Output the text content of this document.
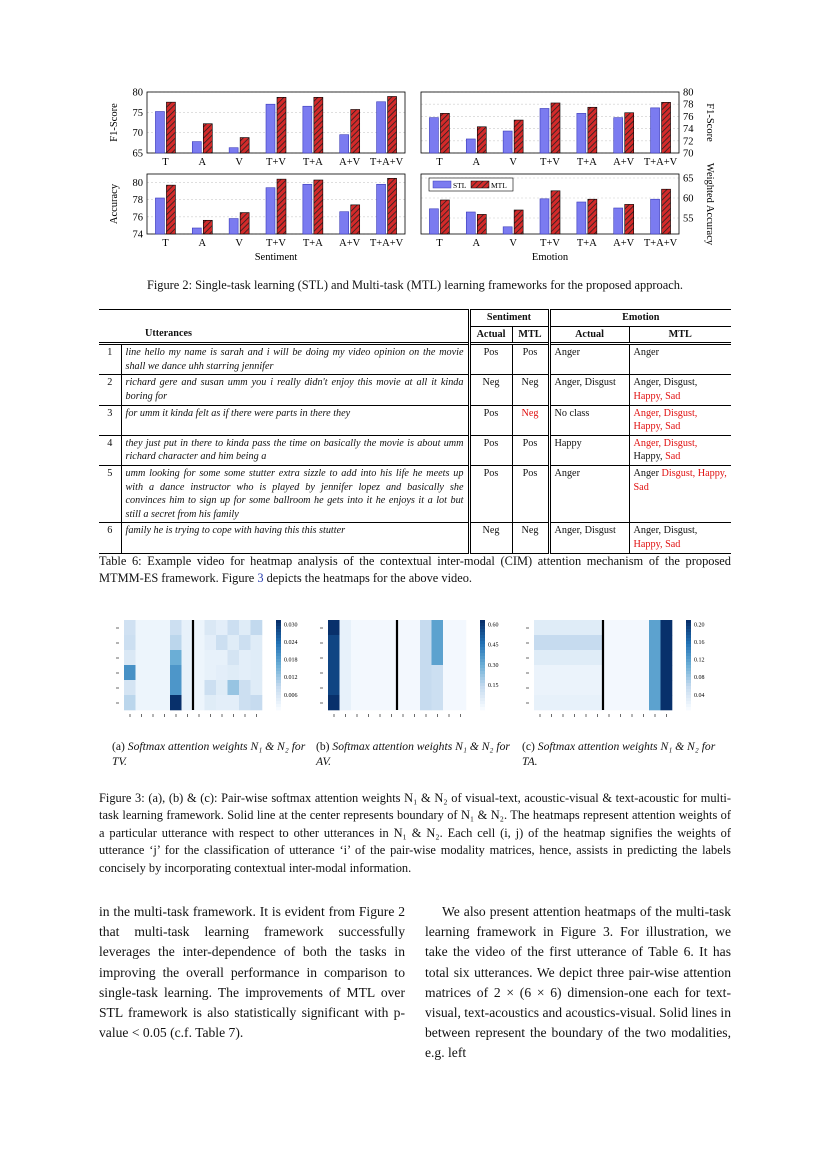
65
70
75
80
T	A	V T+V T+A A+V T+A+V
F1-Score
70
72
74
76
78
80
T	A	V T+V T+A A+V T+A+V
F1-Score
74
76
78
80
T	A	V T+V T+A A+V T+A+V
Accuracy	55
60
65
T	A	V T+V T+A A+V T+A+V	Weighted Accuracy
Sentiment	Emotion
STL	MTL
Figure 2: Single-task learning (STL) and Multi-task (MTL) learning frameworks for the proposed approach.
		Sentiment		Emotion	
	Utterances	Actual	MTL	Actual	MTL
1	line hello my name is sarah and i will be doing my video opinion on the movie shall we dance uhh starring jennifer	Pos	Pos	Anger	Anger
2	richard gere and susan umm you i really didn't enjoy this movie at all it kinda boring for	Neg	Neg	Anger, Disgust	Anger, Disgust, Happy, Sad
3	for umm it kinda felt as if there were parts in there they	Pos	Neg	No class	Anger, Disgust, Happy, Sad
4	they just put in there to kinda pass the time on basically the movie is about umm richard character and him being a	Pos	Pos	Happy	Anger, Disgust, Happy, Sad
5	umm looking for some some stutter extra sizzle to add into his life he meets up with a dance instructor who is played by jennifer lopez and basically she convinces him to sign up for some ballroom he gets into it he enjoys it a lot but still a secret from his family	Pos	Pos	Anger	Anger Disgust, Happy, Sad
6	family he is trying to cope with having this this stutter	Neg	Neg	Anger, Disgust	Anger, Disgust, Happy, Sad
Table 6: Example video for heatmap analysis of the contextual inter-modal (CIM) attention mechanism of the proposed MTMM-ES framework. Figure 3 depicts the heatmaps for the above video.
0.030
0.024
0.018
0.012
0.006
0.60
0.45
0.30
0.15
0.20
0.16
0.12
0.08
0.04
(a) Softmax attention weights N₁ & N₂ for TV.
(b) Softmax attention weights N₁ & N₂ for AV.
(c) Softmax attention weights N₁ & N₂ for TA.
Figure 3: (a), (b) & (c): Pair-wise softmax attention weights N₁ & N₂ of visual-text, acoustic-visual & text-acoustic for multi-task learning framework. Solid line at the center represents boundary of N₁ & N₂. The heatmaps represent attention weights of a particular utterance with respect to other utterances in N₁ & N₂. Each cell (i, j) of the heatmap signifies the weights of utterance ‘j’ for the classification of utterance ‘i’ of the pair-wise modality matrices, hence, assists in predicting the labels concisely by incorporating contextual inter-modal information.
in the multi-task framework. It is evident from Figure 2 that multi-task learning framework successfully leverages the inter-dependence of both the tasks in improving the overall performance in comparison to single-task learning. The improvements of MTL over STL framework is also statistically significant with p-value < 0.05 (c.f. Table 7).
We also present attention heatmaps of the multi-task learning framework in Figure 3. For illustration, we take the video of the first utterance of Table 6. It has total six utterances. We depict three pair-wise attention matrices of 2 × (6 × 6) dimension-one each for text-visual, text-acoustics and acoustics-visual. Solid lines in between represent the boundary of the two modalities, e.g. left
